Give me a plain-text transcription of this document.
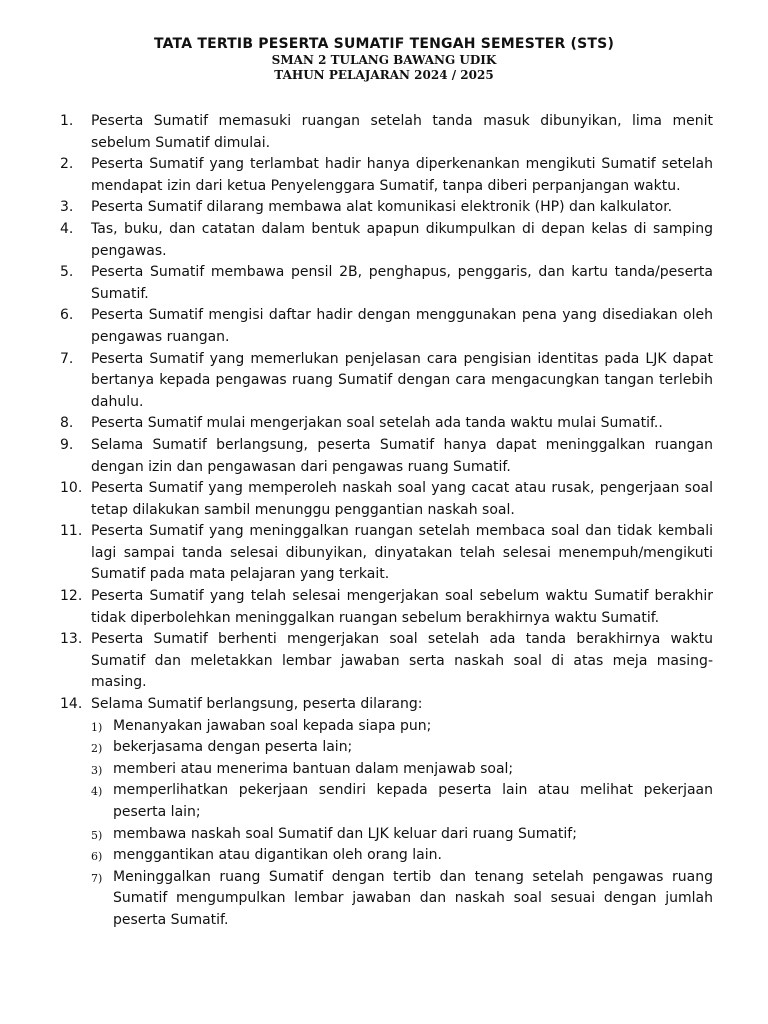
TATA TERTIB PESERTA SUMATIF TENGAH SEMESTER (STS)
SMAN 2 TULANG BAWANG UDIK
TAHUN PELAJARAN 2024 / 2025
1. Peserta Sumatif memasuki ruangan setelah tanda masuk dibunyikan, lima menit sebelum Sumatif dimulai.
2. Peserta Sumatif yang terlambat hadir hanya diperkenankan mengikuti Sumatif setelah mendapat izin dari ketua Penyelenggara Sumatif, tanpa diberi perpanjangan waktu.
3. Peserta Sumatif dilarang membawa alat komunikasi elektronik (HP) dan kalkulator.
4. Tas, buku, dan catatan dalam bentuk apapun dikumpulkan di depan kelas di samping pengawas.
5. Peserta Sumatif membawa pensil 2B, penghapus, penggaris, dan kartu tanda/peserta Sumatif.
6. Peserta Sumatif mengisi daftar hadir dengan menggunakan pena yang disediakan oleh pengawas ruangan.
7. Peserta Sumatif yang memerlukan penjelasan cara pengisian identitas pada LJK dapat bertanya kepada pengawas ruang Sumatif dengan cara mengacungkan tangan terlebih dahulu.
8. Peserta Sumatif mulai mengerjakan soal setelah ada tanda waktu mulai Sumatif..
9. Selama Sumatif berlangsung, peserta Sumatif hanya dapat meninggalkan ruangan dengan izin dan pengawasan dari pengawas ruang Sumatif.
10. Peserta Sumatif yang memperoleh naskah soal yang cacat atau rusak, pengerjaan soal tetap dilakukan sambil menunggu penggantian naskah soal.
11. Peserta Sumatif yang meninggalkan ruangan setelah membaca soal dan tidak kembali lagi sampai tanda selesai dibunyikan, dinyatakan telah selesai menempuh/mengikuti Sumatif pada mata pelajaran yang terkait.
12. Peserta Sumatif yang telah selesai mengerjakan soal sebelum waktu Sumatif berakhir tidak diperbolehkan meninggalkan ruangan sebelum berakhirnya waktu Sumatif.
13. Peserta Sumatif berhenti mengerjakan soal setelah ada tanda berakhirnya waktu Sumatif dan meletakkan lembar jawaban serta naskah soal di atas meja masing-masing.
14. Selama Sumatif berlangsung, peserta dilarang:
1) Menanyakan jawaban soal kepada siapa pun;
2) bekerjasama dengan peserta lain;
3) memberi atau menerima bantuan dalam menjawab soal;
4) memperlihatkan pekerjaan sendiri kepada peserta lain atau melihat pekerjaan peserta lain;
5) membawa naskah soal Sumatif dan LJK keluar dari ruang Sumatif;
6) menggantikan atau digantikan oleh orang lain.
7) Meninggalkan ruang Sumatif dengan tertib dan tenang setelah pengawas ruang Sumatif mengumpulkan lembar jawaban dan naskah soal sesuai dengan jumlah peserta Sumatif.
